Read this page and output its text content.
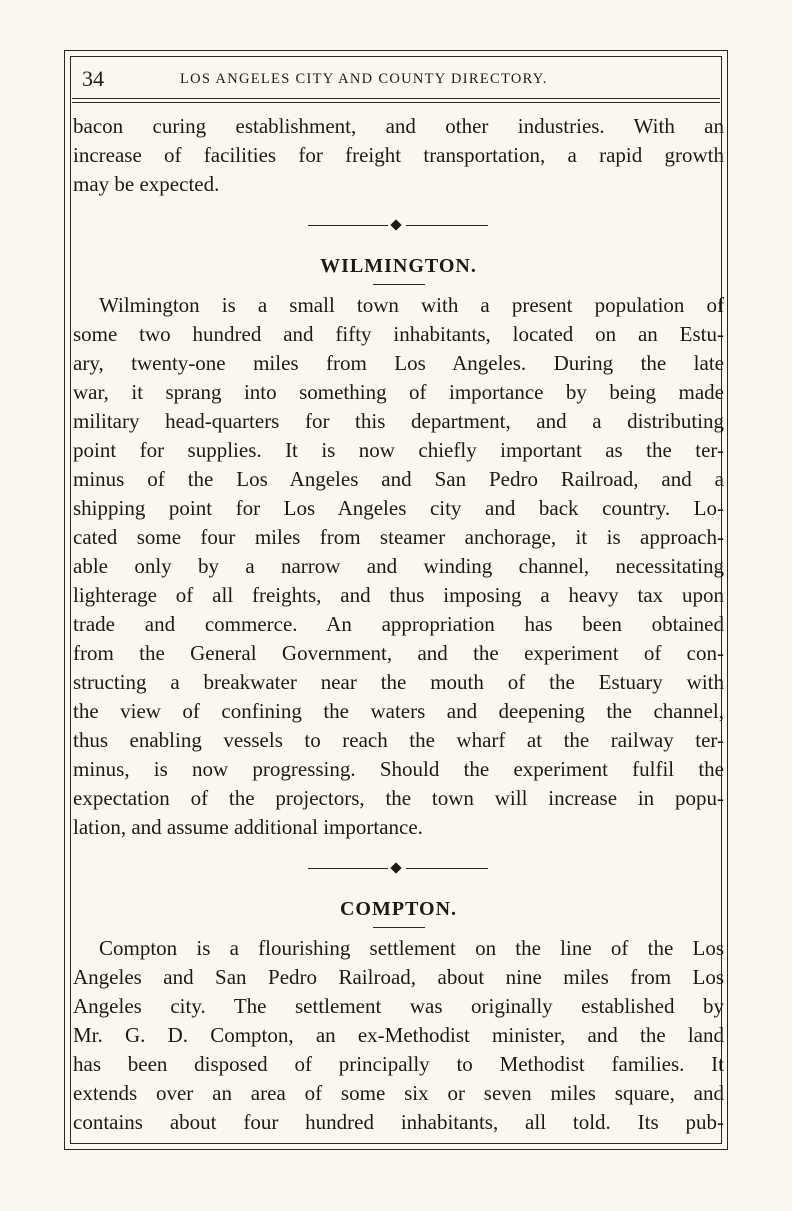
34	LOS ANGELES CITY AND COUNTY DIRECTORY.

bacon curing establishment, and other industries. With an
increase of facilities for freight transportation, a rapid growth
may be expected.

WILMINGTON.

Wilmington is a small town with a present population of
some two hundred and fifty inhabitants, located on an Estu-
ary, twenty-one miles from Los Angeles. During the late
war, it sprang into something of importance by being made
military head-quarters for this department, and a distributing
point for supplies. It is now chiefly important as the ter-
minus of the Los Angeles and San Pedro Railroad, and a
shipping point for Los Angeles city and back country. Lo-
cated some four miles from steamer anchorage, it is approach-
able only by a narrow and winding channel, necessitating
lighterage of all freights, and thus imposing a heavy tax upon
trade and commerce. An appropriation has been obtained
from the General Government, and the experiment of con-
structing a breakwater near the mouth of the Estuary with
the view of confining the waters and deepening the channel,
thus enabling vessels to reach the wharf at the railway ter-
minus, is now progressing. Should the experiment fulfil the
expectation of the projectors, the town will increase in popu-
lation, and assume additional importance.

COMPTON.

Compton is a flourishing settlement on the line of the Los
Angeles and San Pedro Railroad, about nine miles from Los
Angeles city. The settlement was originally established by
Mr. G. D. Compton, an ex-Methodist minister, and the land
has been disposed of principally to Methodist families. It
extends over an area of some six or seven miles square, and
contains about four hundred inhabitants, all told. Its pub-
